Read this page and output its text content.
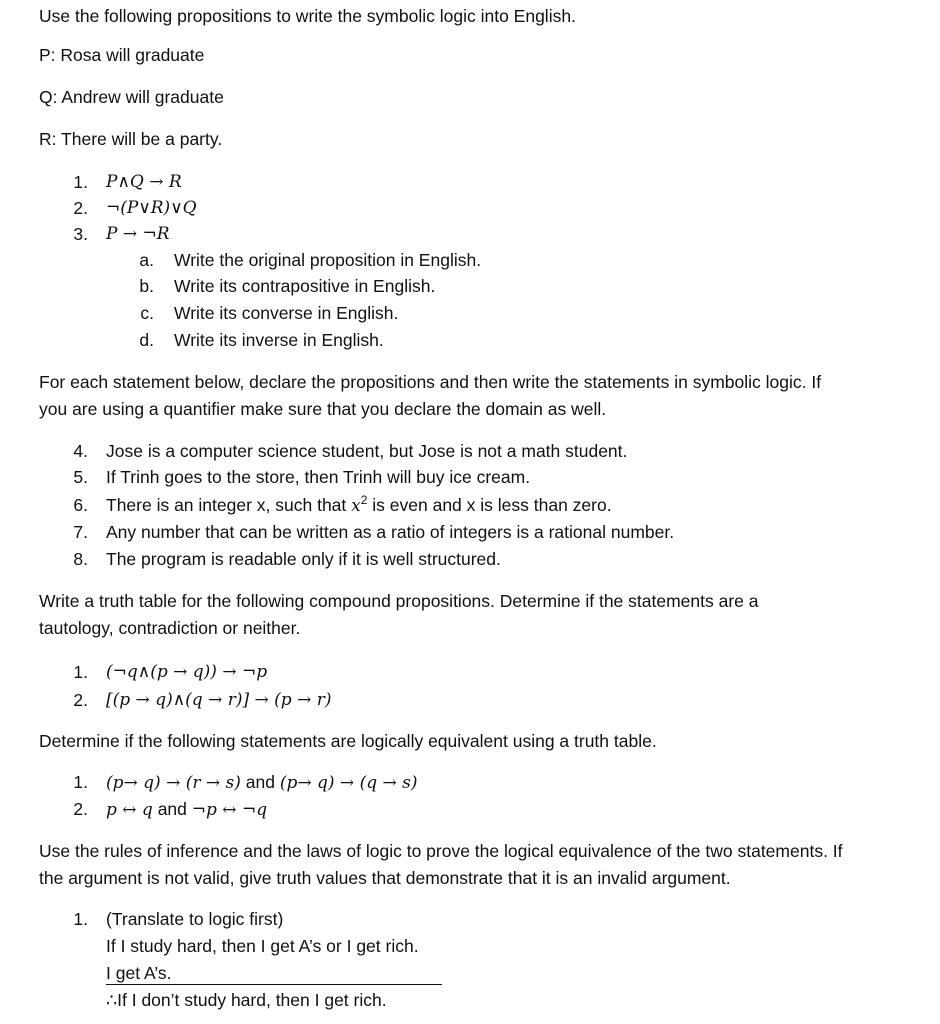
Use the following propositions to write the symbolic logic into English.

P: Rosa will graduate

Q: Andrew will graduate

R: There will be a party.

1. P∧Q → R
2. ¬(P∨R)∨Q
3. P → ¬R
a. Write the original proposition in English.
b. Write its contrapositive in English.
c. Write its converse in English.
d. Write its inverse in English.

For each statement below, declare the propositions and then write the statements in symbolic logic. If

you are using a quantifier make sure that you declare the domain as well.

4. Jose is a computer science student, but Jose is not a math student.
5. If Trinh goes to the store, then Trinh will buy ice cream.
6. There is an integer x, such that $x^2$ is even and x is less than zero.
7. Any number that can be written as a ratio of integers is a rational number.
8. The program is readable only if it is well structured.

Write a truth table for the following compound propositions. Determine if the statements are a

tautology, contradiction or neither.

1. (¬q∧(p → q)) → ¬p
2. [(p → q)∧(q → r)] → (p → r)

Determine if the following statements are logically equivalent using a truth table.

1. (p→ q) → (r → s) and (p→ q) → (q → s)
2. p ↔ q and ¬p ↔ ¬q

Use the rules of inference and the laws of logic to prove the logical equivalence of the two statements. If

the argument is not valid, give truth values that demonstrate that it is an invalid argument.

1. (Translate to logic first)
If I study hard, then I get A’s or I get rich.
I get A’s.
∴If I don’t study hard, then I get rich.
